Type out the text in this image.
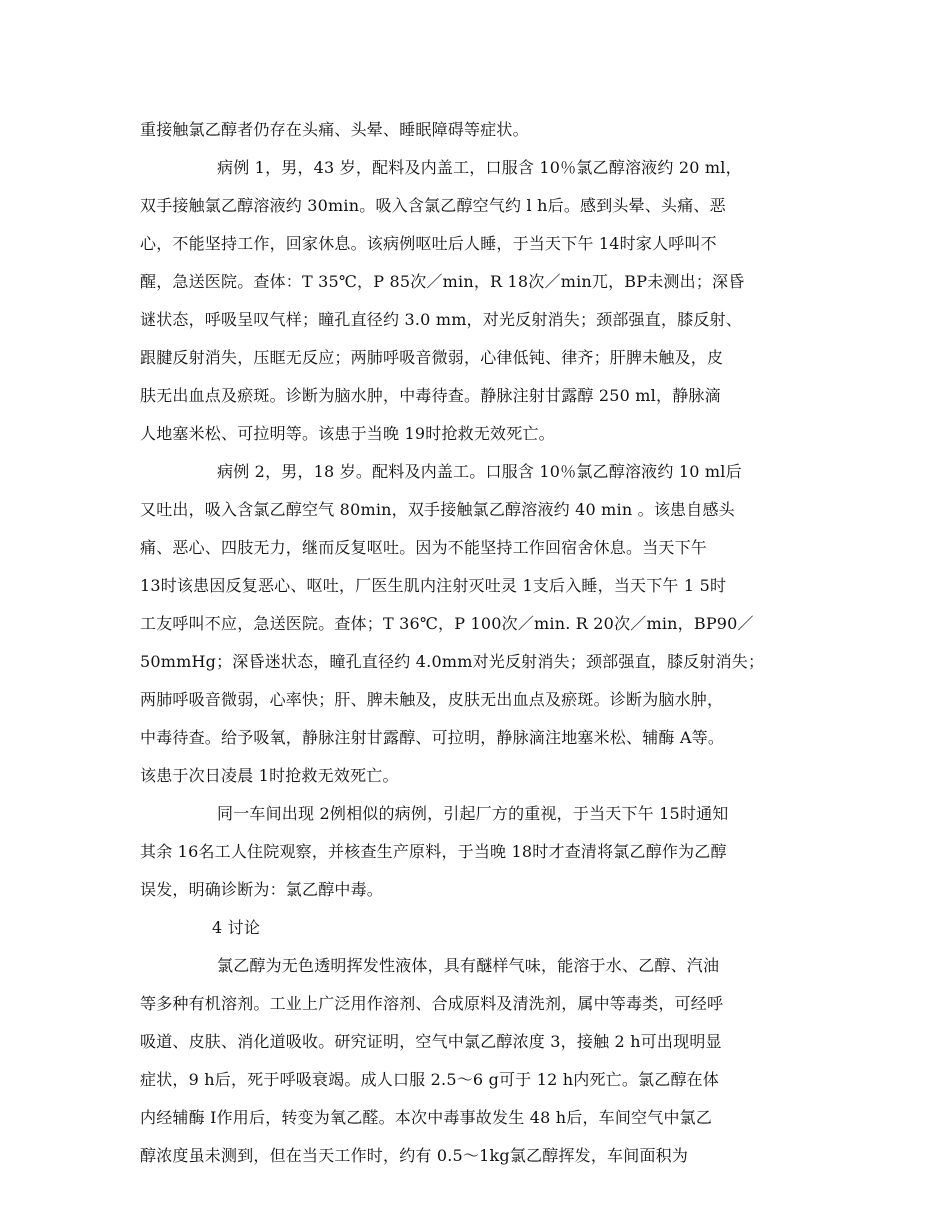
重接触氯乙醇者仍存在头痛、头晕、睡眠障碍等症状。
病例 1，男，43 岁，配料及内盖工，口服含 10％氯乙醇溶液约 20 ml，
双手接触氯乙醇溶液约 30min。吸入含氯乙醇空气约 l h后。感到头晕、头痛、恶
心，不能坚持工作，回家休息。该病例呕吐后人睡，于当天下午 14时家人呼叫不
醒，急送医院。查体：T 35℃，P 85次／min，R 18次／min兀，BP未测出；深昏
谜状态，呼吸呈叹气样；瞳孔直径约 3.0 mm，对光反射消失；颈部强直，膝反射、
跟腱反射消失，压眶无反应；两肺呼吸音微弱，心律低钝、律齐；肝脾未触及，皮
肤无出血点及瘀斑。诊断为脑水肿，中毒待查。静脉注射甘露醇 250 ml，静脉滴
人地塞米松、可拉明等。该患于当晚 19时抢救无效死亡。
病例 2，男，18 岁。配料及内盖工。口服含 10％氯乙醇溶液约 10 ml后
又吐出，吸入含氯乙醇空气 80min，双手接触氯乙醇溶液约 40 min 。该患自感头
痛、恶心、四肢无力，继而反复呕吐。因为不能坚持工作回宿舍休息。当天下午
13时该患因反复恶心、呕吐，厂医生肌内注射灭吐灵 1支后入睡，当天下午 1 5时
工友呼叫不应，急送医院。查体；T 36℃，P 100次／min. R 20次／min，BP90／
50mmHg；深昏迷状态，瞳孔直径约 4.0mm对光反射消失；颈部强直，膝反射消失；
两肺呼吸音微弱，心率快；肝、脾未触及，皮肤无出血点及瘀斑。诊断为脑水肿，
中毒待查。给予吸氧，静脉注射甘露醇、可拉明，静脉滴注地塞米松、辅酶 A等。
该患于次日凌晨 1时抢救无效死亡。
同一车间出现 2例相似的病例，引起厂方的重视，于当天下午 15时通知
其余 16名工人住院观察，并核查生产原料，于当晚 18时才查清将氯乙醇作为乙醇
误发，明确诊断为：氯乙醇中毒。
4 讨论
氯乙醇为无色透明挥发性液体，具有醚样气味，能溶于水、乙醇、汽油
等多种有机溶剂。工业上广泛用作溶剂、合成原料及清洗剂，属中等毒类，可经呼
吸道、皮肤、消化道吸收。研究证明，空气中氯乙醇浓度 3，接触 2 h可出现明显
症状，9 h后，死于呼吸衰竭。成人口服 2.5～6 g可于 12 h内死亡。氯乙醇在体
内经辅酶 I作用后，转变为氧乙醛。本次中毒事故发生 48 h后，车间空气中氯乙
醇浓度虽未测到，但在当天工作时，约有 0.5～1kg氯乙醇挥发，车间面积为
